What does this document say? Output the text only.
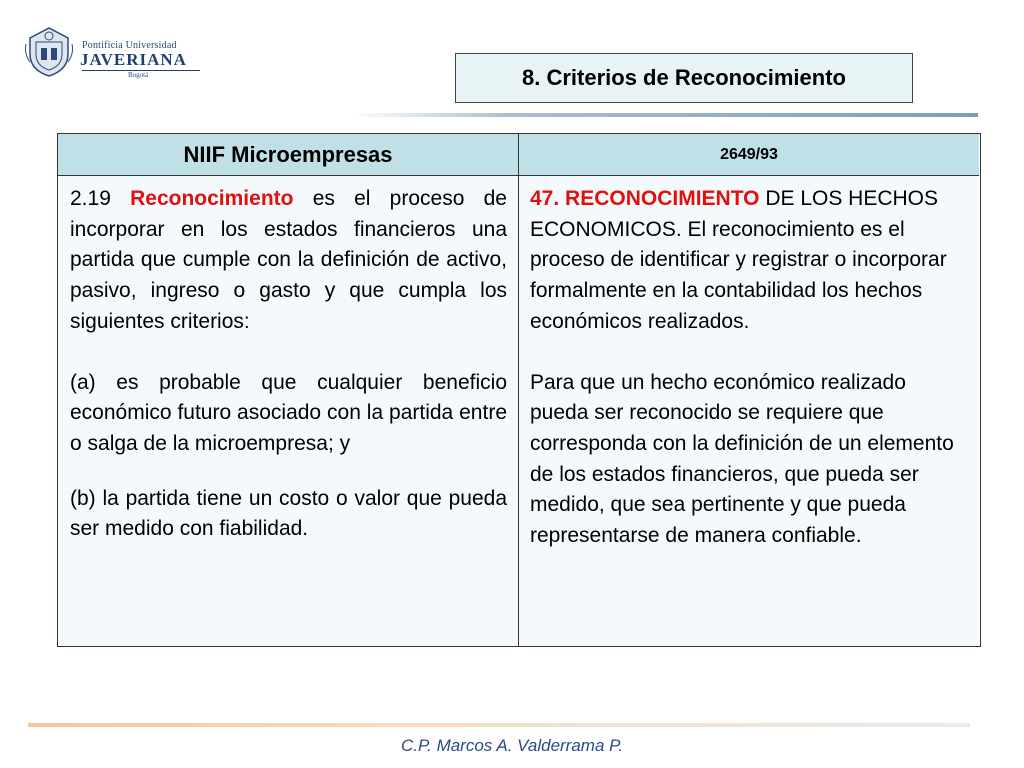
Pontificia Universidad
JAVERIANA
Bogotá	8. Criterios de Reconocimiento
NIIF Microempresas	2649/93

2.19 Reconocimiento es el proceso de incorporar en los estados financieros una partida que cumple con la definición de activo, pasivo, ingreso o gasto y que cumpla los siguientes criterios:

(a) es probable que cualquier beneficio económico futuro asociado con la partida entre o salga de la microempresa; y

(b) la partida tiene un costo o valor que pueda ser medido con fiabilidad.

47. RECONOCIMIENTO DE LOS HECHOS ECONOMICOS. El reconocimiento es el proceso de identificar y registrar o incorporar formalmente en la contabilidad los hechos económicos realizados.

Para que un hecho económico realizado pueda ser reconocido se requiere que corresponda con la definición de un elemento de los estados financieros, que pueda ser medido, que sea pertinente y que pueda representarse de manera confiable.

C.P. Marcos A. Valderrama P.
